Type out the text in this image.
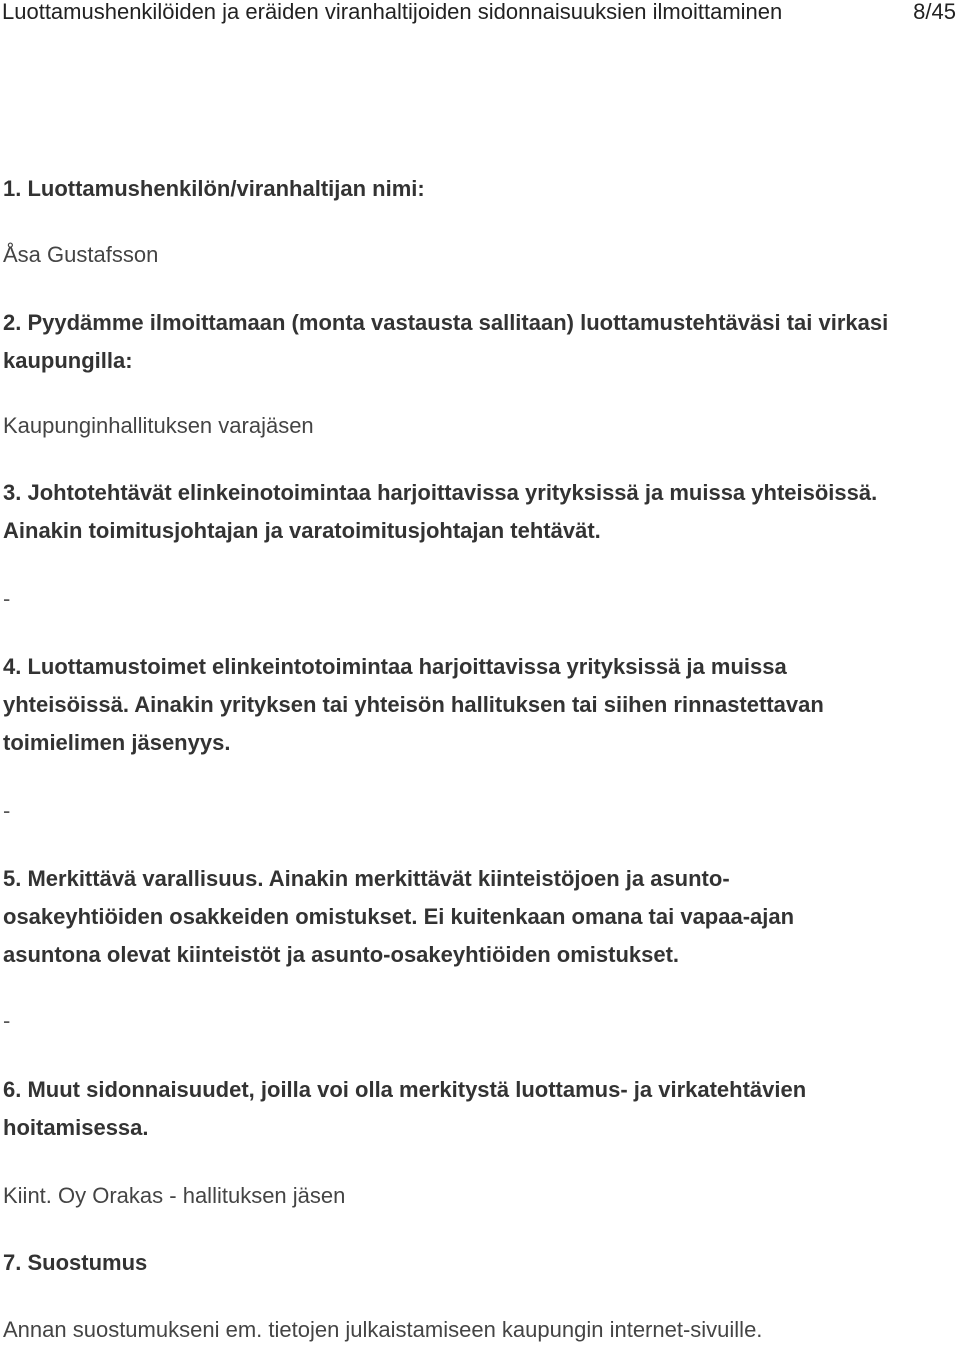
Luottamushenkilöiden ja eräiden viranhaltijoiden sidonnaisuuksien ilmoittaminen	8/45
1. Luottamushenkilön/viranhaltijan nimi:
Åsa Gustafsson
2. Pyydämme ilmoittamaan (monta vastausta sallitaan) luottamustehtäväsi tai virkasi kaupungilla:
Kaupunginhallituksen varajäsen
3. Johtotehtävät elinkeinotoimintaa harjoittavissa yrityksissä ja muissa yhteisöissä. Ainakin toimitusjohtajan ja varatoimitusjohtajan tehtävät.
-
4. Luottamustoimet elinkeintotoimintaa harjoittavissa yrityksissä ja muissa yhteisöissä. Ainakin yrityksen tai yhteisön hallituksen tai siihen rinnastettavan toimielimen jäsenyys.
-
5. Merkittävä varallisuus. Ainakin merkittävät kiinteistöjoen ja asunto-osakeyhtiöiden osakkeiden omistukset. Ei kuitenkaan omana tai vapaa-ajan asuntona olevat kiinteistöt ja asunto-osakeyhtiöiden omistukset.
-
6. Muut sidonnaisuudet, joilla voi olla merkitystä luottamus- ja virkatehtävien hoitamisessa.
Kiint. Oy Orakas - hallituksen jäsen
7. Suostumus
Annan suostumukseni em. tietojen julkaistamiseen kaupungin internet-sivuille.
